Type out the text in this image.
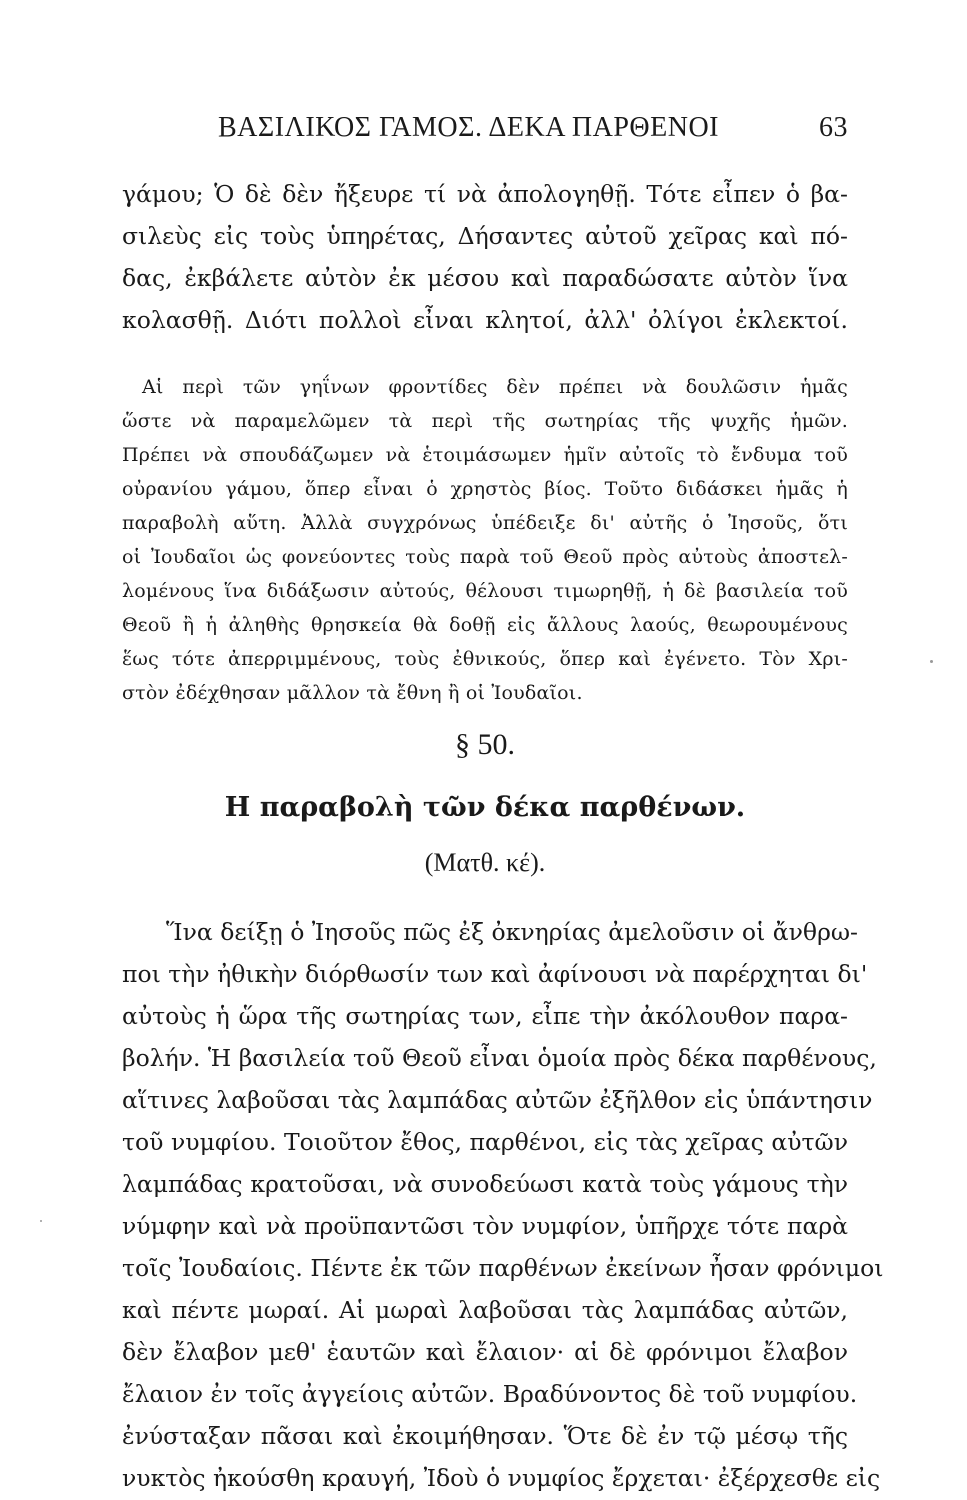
ΒΑΣΙΛΙΚΟΣ ΓΑΜΟΣ. ΔΕΚΑ ΠΑΡΘΕΝΟΙ	63
γάμου; Ὁ δὲ δὲν ἤξευρε τί νὰ ἀπολογηθῇ. Τότε εἶπεν ὁ βα-
σιλεὺς εἰς τοὺς ὑπηρέτας, Δήσαντες αὐτοῦ χεῖρας καὶ πό-
δας, ἐκβάλετε αὐτὸν ἐκ μέσου καὶ παραδώσατε αὐτὸν ἵνα
κολασθῇ. Διότι πολλοὶ εἶναι κλητοί, ἀλλ' ὀλίγοι ἐκλεκτοί.
Αἱ περὶ τῶν γηΐνων φροντίδες δὲν πρέπει νὰ δουλῶσιν ἡμᾶς
ὥστε νὰ παραμελῶμεν τὰ περὶ τῆς σωτηρίας τῆς ψυχῆς ἡμῶν.
Πρέπει νὰ σπουδάζωμεν νὰ ἑτοιμάσωμεν ἡμῖν αὐτοῖς τὸ ἔνδυμα τοῦ
οὐρανίου γάμου, ὅπερ εἶναι ὁ χρηστὸς βίος. Τοῦτο διδάσκει ἡμᾶς ἡ
παραβολὴ αὕτη. Ἀλλὰ συγχρόνως ὑπέδειξε δι' αὐτῆς ὁ Ἰησοῦς, ὅτι
οἱ Ἰουδαῖοι ὡς φονεύοντες τοὺς παρὰ τοῦ Θεοῦ πρὸς αὐτοὺς ἀποστελ-
λομένους ἵνα διδάξωσιν αὐτούς, θέλουσι τιμωρηθῇ, ἡ δὲ βασιλεία τοῦ
Θεοῦ ἢ ἡ ἀληθὴς θρησκεία θὰ δοθῇ εἰς ἄλλους λαούς, θεωρουμένους
ἕως τότε ἀπερριμμένους, τοὺς ἐθνικούς, ὅπερ καὶ ἐγένετο. Τὸν Χρι-
στὸν ἐδέχθησαν μᾶλλον τὰ ἔθνη ἢ οἱ Ἰουδαῖοι.
§ 50.
Η παραβολὴ τῶν δέκα παρθένων.
(Ματθ. κέ).
Ἵνα δείξῃ ὁ Ἰησοῦς πῶς ἐξ ὀκνηρίας ἀμελοῦσιν οἱ ἄνθρω-
ποι τὴν ἠθικὴν διόρθωσίν των καὶ ἀφίνουσι νὰ παρέρχηται δι'
αὐτοὺς ἡ ὥρα τῆς σωτηρίας των, εἶπε τὴν ἀκόλουθον παρα-
βολήν. Ἡ βασιλεία τοῦ Θεοῦ εἶναι ὁμοία πρὸς δέκα παρθένους,
αἵτινες λαβοῦσαι τὰς λαμπάδας αὐτῶν ἐξῆλθον εἰς ὑπάντησιν
τοῦ νυμφίου. Τοιοῦτον ἔθος, παρθένοι, εἰς τὰς χεῖρας αὐτῶν
λαμπάδας κρατοῦσαι, νὰ συνοδεύωσι κατὰ τοὺς γάμους τὴν
νύμφην καὶ νὰ προϋπαντῶσι τὸν νυμφίον, ὑπῆρχε τότε παρὰ
τοῖς Ἰουδαίοις. Πέντε ἐκ τῶν παρθένων ἐκείνων ἦσαν φρόνιμοι
καὶ πέντε μωραί. Αἱ μωραὶ λαβοῦσαι τὰς λαμπάδας αὐτῶν,
δὲν ἔλαβον μεθ' ἑαυτῶν καὶ ἔλαιον· αἱ δὲ φρόνιμοι ἔλαβον
ἔλαιον ἐν τοῖς ἀγγείοις αὐτῶν. Βραδύνοντος δὲ τοῦ νυμφίου.
ἐνύσταξαν πᾶσαι καὶ ἐκοιμήθησαν. Ὅτε δὲ ἐν τῷ μέσῳ τῆς
νυκτὸς ἠκούσθη κραυγή, Ἰδοὺ ὁ νυμφίος ἔρχεται· ἐξέρχεσθε εἰς
